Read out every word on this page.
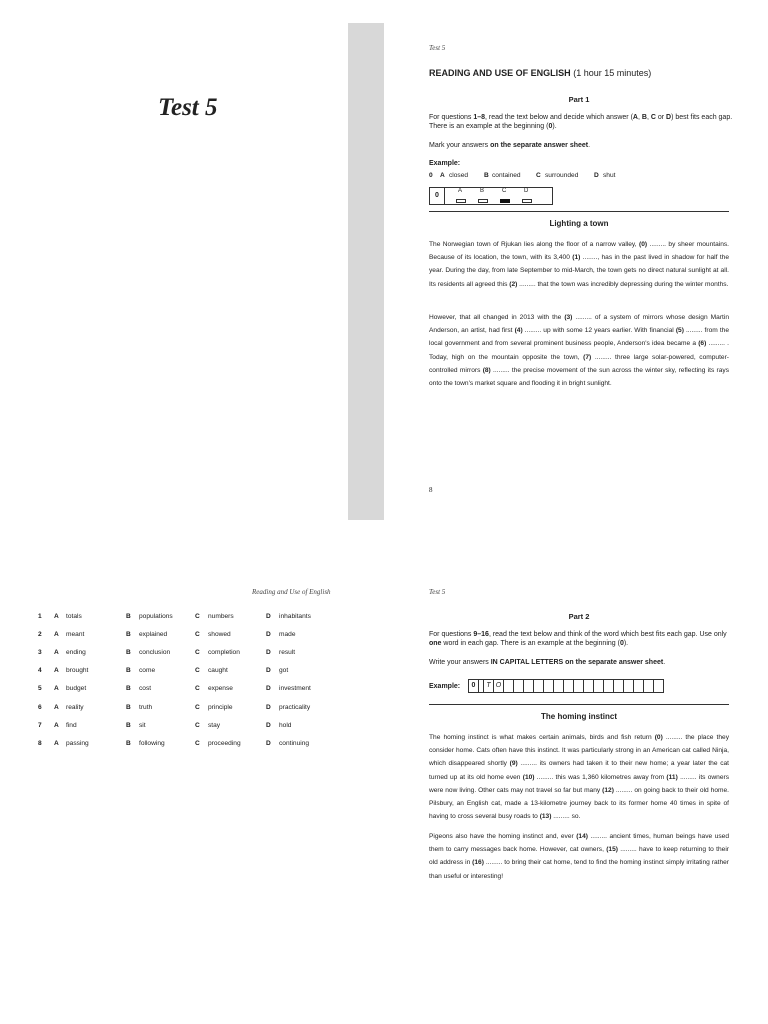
Test 5
Test 5
READING AND USE OF ENGLISH (1 hour 15 minutes)
Part 1
For questions 1–8, read the text below and decide which answer (A, B, C or D) best fits each gap.
There is an example at the beginning (0).
Mark your answers on the separate answer sheet.
Example:
0 A closed B contained C surrounded D shut
0
A	B	C	D
Lighting a town
The Norwegian town of Rjukan lies along the floor of a narrow valley, (0) ......... by sheer mountains. Because of its location, the town, with its 3,400 (1) ........, has in the past lived in shadow for half the year. During the day, from late September to mid-March, the town gets no direct natural sunlight at all. Its residents all agreed this (2) ......... that the town was incredibly depressing during the winter months.
However, that all changed in 2013 with the (3) ......... of a system of mirrors whose design Martin Anderson, an artist, had first (4) ......... up with some 12 years earlier. With financial (5) ......... from the local government and from several prominent business people, Anderson's idea became a (6) ......... . Today, high on the mountain opposite the town, (7) ......... three large solar-powered, computer-controlled mirrors (8) ......... the precise movement of the sun across the winter sky, reflecting its rays onto the town's market square and flooding it in bright sunlight.
8
Reading and Use of English
1 A totals	B populations	C numbers	D inhabitants
2 A meant	B explained	C showed	D made
3 A ending	B conclusion	C completion	D result
4 A brought	B come	C caught	D got
5 A budget	B cost	C expense	D investment
6 A reality	B truth	C principle	D practicality
7 A find	B sit	C stay	D hold
8 A passing	B following	C proceeding	D continuing
Test 5
Part 2
For questions 9–16, read the text below and think of the word which best fits each gap. Use only
one word in each gap. There is an example at the beginning (0).
Write your answers IN CAPITAL LETTERS on the separate answer sheet.
Example:	0 T O
The homing instinct
The homing instinct is what makes certain animals, birds and fish return (0) ......... the place they consider home. Cats often have this instinct. It was particularly strong in an American cat called Ninja, which disappeared shortly (9) ......... its owners had taken it to their new home; a year later the cat turned up at its old home even (10) ......... this was 1,360 kilometres away from (11) ......... its owners were now living. Other cats may not travel so far but many (12) ......... on going back to their old home. Pilsbury, an English cat, made a 13-kilometre journey back to its former home 40 times in spite of having to cross several busy roads to (13) ......... so.
Pigeons also have the homing instinct and, ever (14) ......... ancient times, human beings have used them to carry messages back home. However, cat owners, (15) ......... have to keep returning to their old address in (16) ......... to bring their cat home, tend to find the homing instinct simply irritating rather than useful or interesting!
